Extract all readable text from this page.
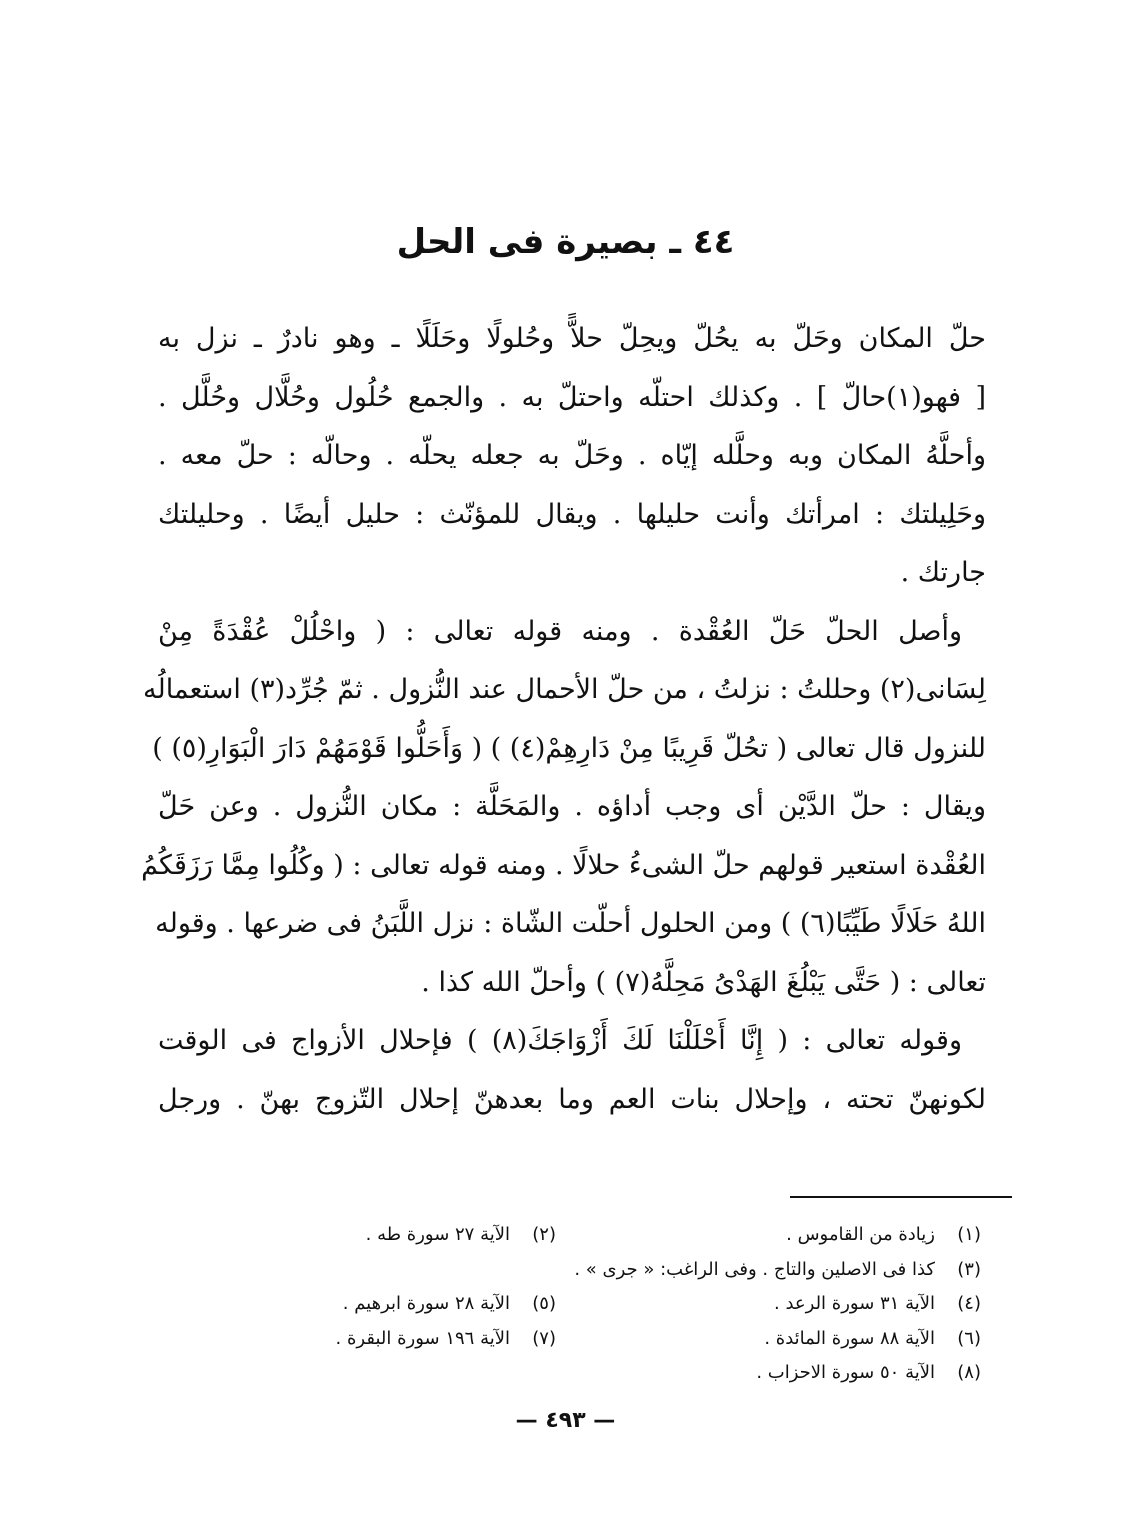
٤٤ ـ بصيرة فى الحل
حلّ المكان وحَلّ به يحُلّ ويحِلّ حلاًّ وحُلولًا وحَلَلًا ـ وهو نادرٌ ـ نزل به
[ فهو(١)حالّ ] . وكذلك احتلّه واحتلّ به . والجمع حُلُول وحُلَّال وحُلَّل .
وأحلَّهُ المكان وبه وحلَّله إيّاه . وحَلّ به جعله يحلّه . وحالّه : حلّ معه .
وحَلِيلتك : امرأتك وأنت حليلها . ويقال للمؤنّث : حليل أيضًا . وحليلتك
جارتك .
وأصل الحلّ حَلّ العُقْدة . ومنه قوله تعالى : ( واحْلُلْ عُقْدَةً مِنْ
لِسَانى(٢) وحللتُ : نزلتُ ، من حلّ الأحمال عند النُّزول . ثمّ جُرِّد(٣) استعمالُه
للنزول قال تعالى ( تحُلّ قَرِيبًا مِنْ دَارِهِمْ(٤) ) ( وَأَحَلُّوا قَوْمَهُمْ دَارَ الْبَوَارِ(٥) )
ويقال : حلّ الدَّيْن أى وجب أداؤه . والمَحَلَّة : مكان النُّزول . وعن حَلّ
العُقْدة استعير قولهم حلّ الشىءُ حلالًا . ومنه قوله تعالى : ( وكُلُوا مِمَّا رَزَقَكُمُ
اللهُ حَلَالًا طَيِّبًا(٦) ) ومن الحلول أحلّت الشّاة : نزل اللَّبَنُ فى ضرعها . وقوله
تعالى : ( حَتَّى يَبْلُغَ الهَدْىُ مَحِلَّهُ(٧) ) وأحلّ الله كذا .
وقوله تعالى : ( إِنَّا أَحْلَلْنَا لَكَ أَزْوَاجَكَ(٨) ) فإحلال الأزواج فى الوقت
لكونهنّ تحته ، وإحلال بنات العم وما بعدهنّ إحلال التّزوج بهنّ . ورجل
(١)زيادة من القاموس .
(٣)كذا فى الاصلين والتاج . وفى الراغب: « جرى » .
(٤)الآية ٣١ سورة الرعد .
(٦)الآية ٨٨ سورة المائدة .
(٨)الآية ٥٠ سورة الاحزاب .
(٢)الآية ٢٧ سورة طه .
(٥)الآية ٢٨ سورة ابرهيم .
(٧)الآية ١٩٦ سورة البقرة .
— ٤٩٣ —
